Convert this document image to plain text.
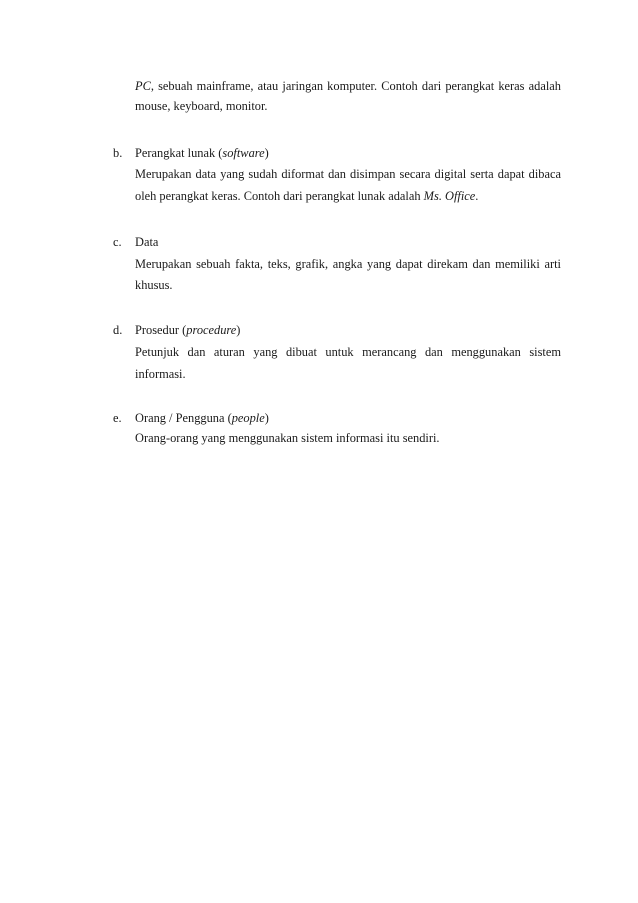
PC, sebuah mainframe, atau jaringan komputer. Contoh dari perangkat keras adalah
mouse, keyboard, monitor.
b. Perangkat lunak (software)
Merupakan data yang sudah diformat dan disimpan secara digital serta dapat dibaca
oleh perangkat keras. Contoh dari perangkat lunak adalah Ms. Office.
c. Data
Merupakan sebuah fakta, teks, grafik, angka yang dapat direkam dan memiliki arti
khusus.
d. Prosedur (procedure)
Petunjuk dan aturan yang dibuat untuk merancang dan menggunakan sistem
informasi.
e. Orang / Pengguna (people)
Orang-orang yang menggunakan sistem informasi itu sendiri.
